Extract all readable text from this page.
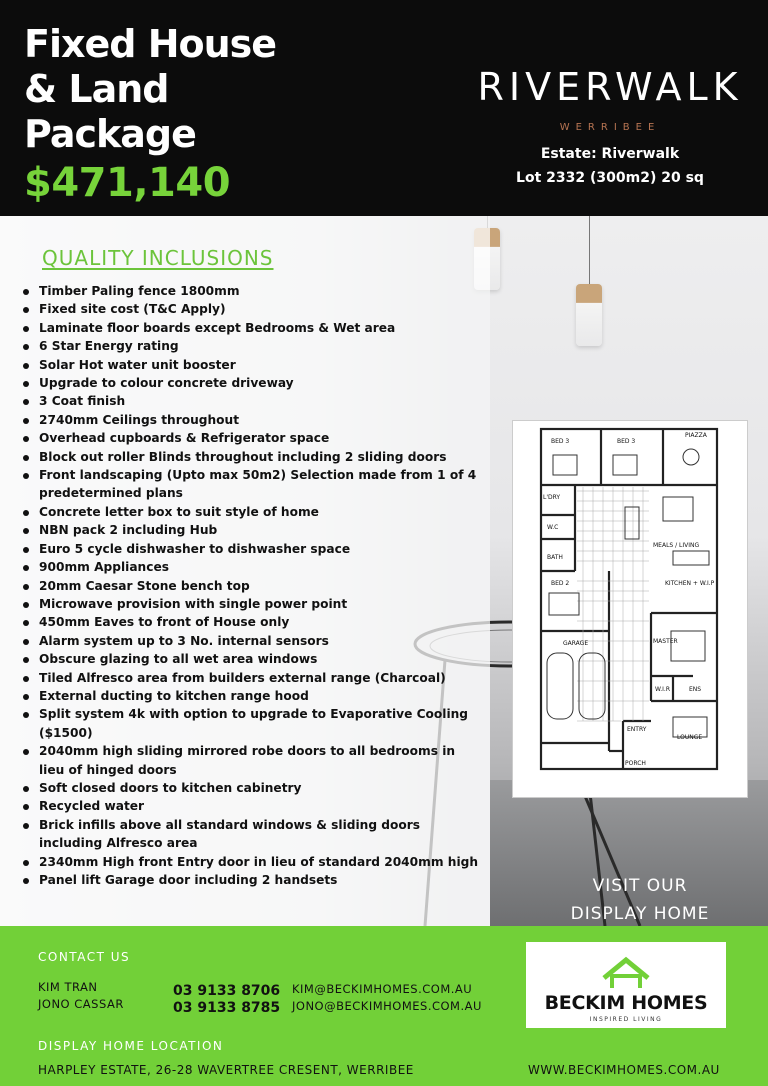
Fixed House
& Land
Package
$471,140
RIVERWALK
WERRIBEE
Estate: Riverwalk
Lot 2332 (300m2) 20 sq
QUALITY INCLUSIONS
Timber Paling fence 1800mm
Fixed site cost (T&C Apply)
Laminate floor boards except Bedrooms & Wet area
6 Star Energy rating
Solar Hot water unit booster
Upgrade to colour concrete driveway
3 Coat finish
2740mm Ceilings throughout
Overhead cupboards & Refrigerator space
Block out roller Blinds throughout including 2 sliding doors
Front landscaping (Upto max 50m2) Selection made from 1 of 4 predetermined plans
Concrete letter box to suit style of home
NBN pack 2 including Hub
Euro 5 cycle dishwasher to dishwasher space
900mm Appliances
20mm Caesar Stone bench top
Microwave provision with single power point
450mm Eaves to front of House only
Alarm system up to 3 No. internal sensors
Obscure glazing to all wet area windows
Tiled Alfresco area from builders external range (Charcoal)
External ducting to kitchen range hood
Split system 4k with option to upgrade to Evaporative Cooling ($1500)
2040mm high sliding mirrored robe doors to all bedrooms in lieu of hinged doors
Soft closed doors to kitchen cabinetry
Recycled water
Brick infills above all standard windows & sliding doors including Alfresco area
2340mm High front Entry door in lieu of standard 2040mm high
Panel lift Garage door including 2 handsets
BED 3	BED 3
PIAZZA
L'DRY
W.C
BATH
MEALS / LIVING
BED 2	KITCHEN + W.I.P
GARAGE	MASTER
W.I.R	ENS
ENTRY
LOUNGE
PORCH
VISIT OUR
DISPLAY HOME
CONTACT US
KIM TRAN
JONO CASSAR
03 9133 8706
03 9133 8785
KIM@BECKIMHOMES.COM.AU
JONO@BECKIMHOMES.COM.AU
DISPLAY HOME LOCATION
HARPLEY ESTATE, 26-28 WAVERTREE CRESENT, WERRIBEE	WWW.BECKIMHOMES.COM.AU
BECKIM HOMES
INSPIRED LIVING
